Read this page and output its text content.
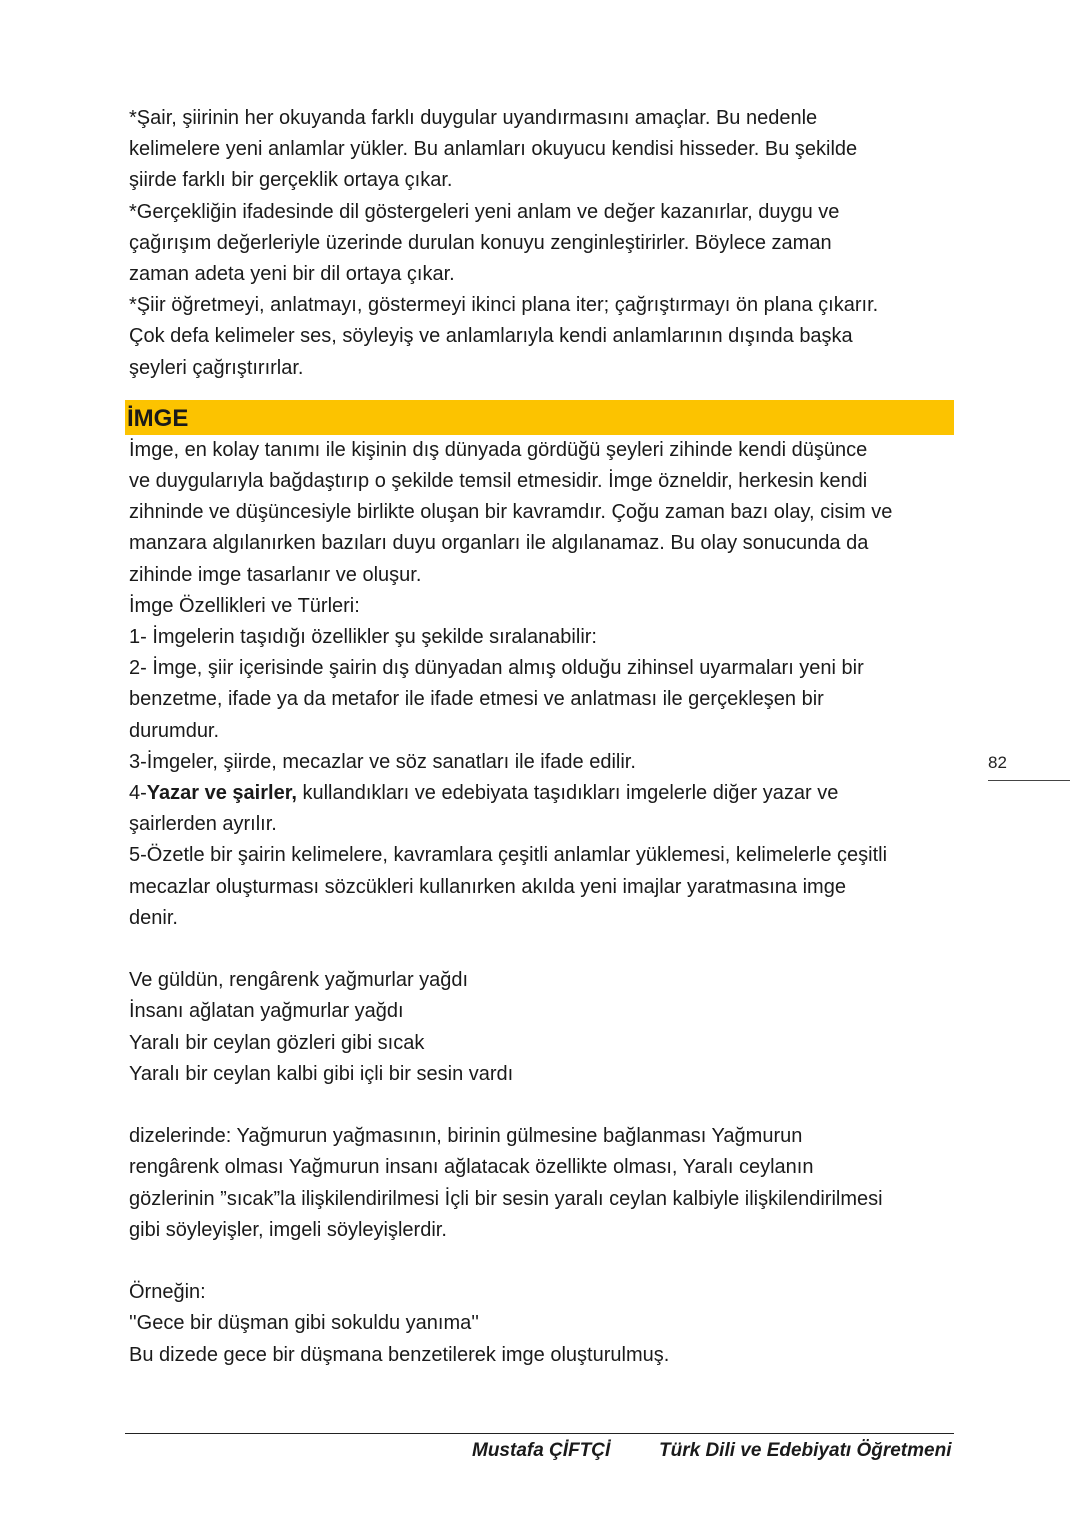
*Şair, şiirinin her okuyanda farklı duygular uyandırmasını amaçlar. Bu nedenle
kelimelere yeni anlamlar yükler. Bu anlamları okuyucu kendisi hisseder. Bu şekilde
şiirde farklı bir gerçeklik ortaya çıkar.
*Gerçekliğin ifadesinde dil göstergeleri yeni anlam ve değer kazanırlar, duygu ve
çağırışım değerleriyle üzerinde durulan konuyu zenginleştirirler. Böylece zaman
zaman adeta yeni bir dil ortaya çıkar.
*Şiir öğretmeyi, anlatmayı, göstermeyi ikinci plana iter; çağrıştırmayı ön plana çıkarır.
Çok defa kelimeler ses, söyleyiş ve anlamlarıyla kendi anlamlarının dışında başka
şeyleri çağrıştırırlar.
İMGE
İmge, en kolay tanımı ile kişinin dış dünyada gördüğü şeyleri zihinde kendi düşünce
ve duygularıyla bağdaştırıp o şekilde temsil etmesidir. İmge özneldir, herkesin kendi
zihninde ve düşüncesiyle birlikte oluşan bir kavramdır. Çoğu zaman bazı olay, cisim ve
manzara algılanırken bazıları duyu organları ile algılanamaz. Bu olay sonucunda da
zihinde imge tasarlanır ve oluşur.
İmge Özellikleri ve Türleri:
1- İmgelerin taşıdığı özellikler şu şekilde sıralanabilir:
2- İmge, şiir içerisinde şairin dış dünyadan almış olduğu zihinsel uyarmaları yeni bir
benzetme, ifade ya da metafor ile ifade etmesi ve anlatması ile gerçekleşen bir
durumdur.
3-İmgeler, şiirde, mecazlar ve söz sanatları ile ifade edilir.
4-Yazar ve şairler, kullandıkları ve edebiyata taşıdıkları imgelerle diğer yazar ve
şairlerden ayrılır.
5-Özetle bir şairin kelimelere, kavramlara çeşitli anlamlar yüklemesi, kelimelerle çeşitli
mecazlar oluşturması sözcükleri kullanırken akılda yeni imajlar yaratmasına imge
denir.
Ve güldün, rengârenk yağmurlar yağdı
İnsanı ağlatan yağmurlar yağdı
Yaralı bir ceylan gözleri gibi sıcak
Yaralı bir ceylan kalbi gibi içli bir sesin vardı
dizelerinde: Yağmurun yağmasının, birinin gülmesine bağlanması Yağmurun
rengârenk olması Yağmurun insanı ağlatacak özellikte olması, Yaralı ceylanın
gözlerinin ”sıcak”la ilişkilendirilmesi İçli bir sesin yaralı ceylan kalbiyle ilişkilendirilmesi
gibi söyleyişler, imgeli söyleyişlerdir.
Örneğin:
''Gece bir düşman gibi sokuldu yanıma''
Bu dizede gece bir düşmana benzetilerek imge oluşturulmuş.
82
Mustafa ÇİFTÇİ	Türk Dili ve Edebiyatı Öğretmeni
